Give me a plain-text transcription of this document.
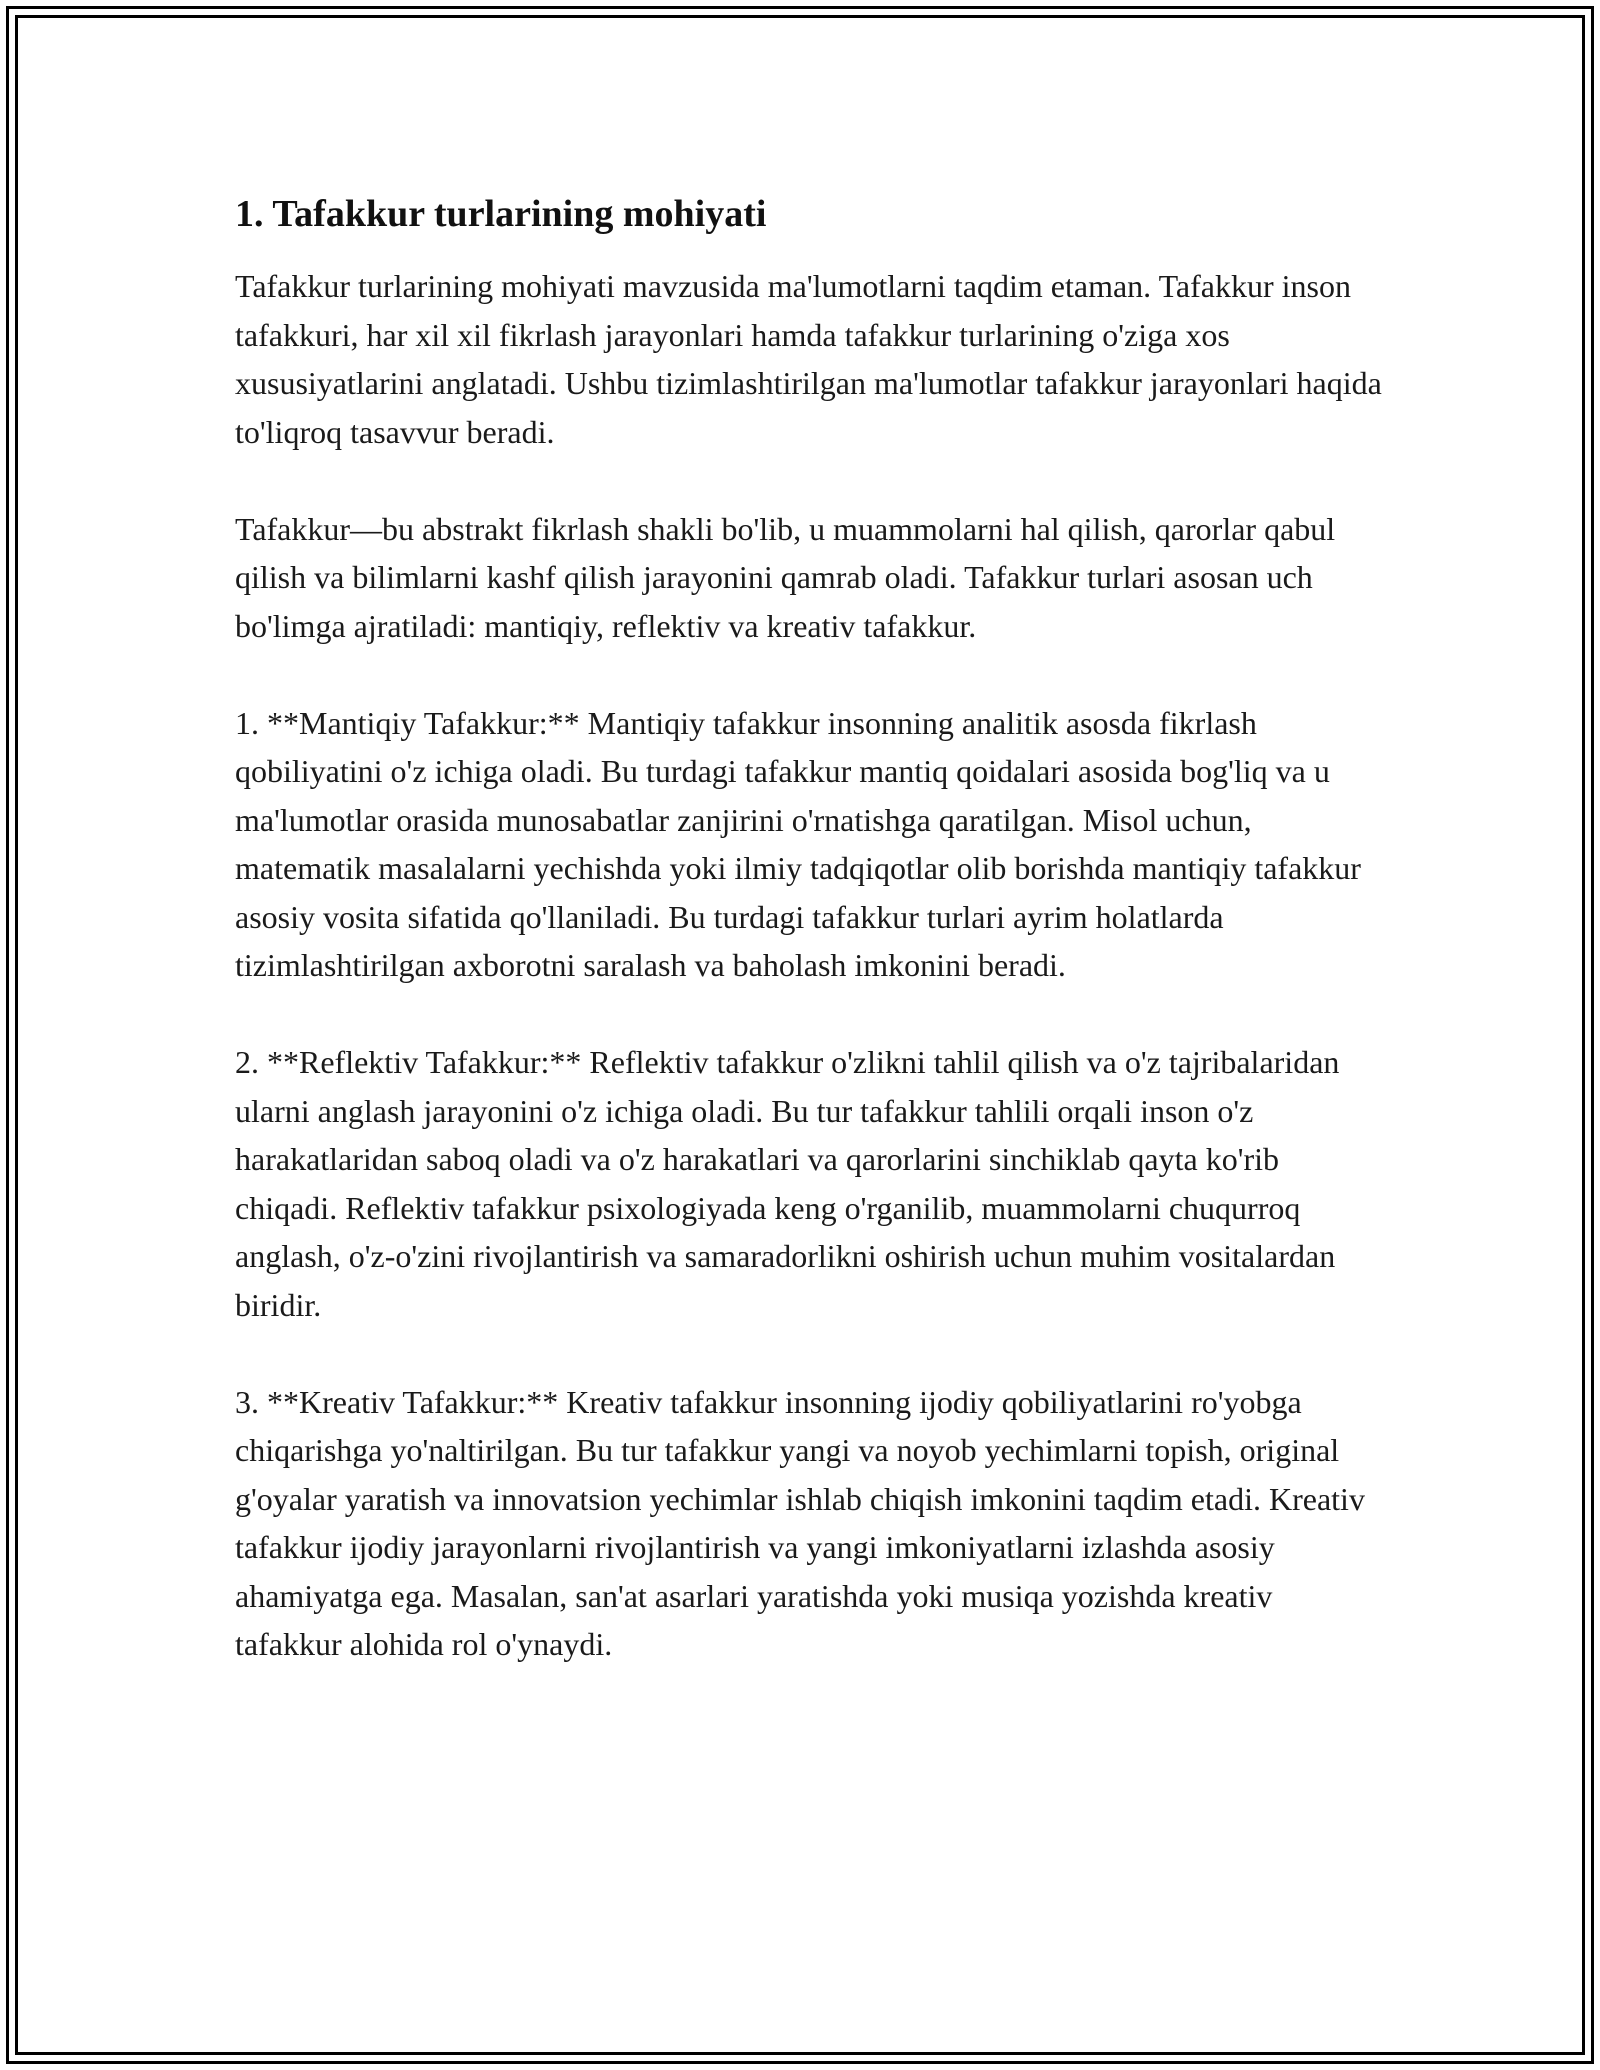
1. Tafakkur turlarining mohiyati

Tafakkur turlarining mohiyati mavzusida ma'lumotlarni taqdim etaman. Tafakkur inson tafakkuri, har xil xil fikrlash jarayonlari hamda tafakkur turlarining o'ziga xos xususiyatlarini anglatadi. Ushbu tizimlashtirilgan ma'lumotlar tafakkur jarayonlari haqida to'liqroq tasavvur beradi.

Tafakkur—bu abstrakt fikrlash shakli bo'lib, u muammolarni hal qilish, qarorlar qabul qilish va bilimlarni kashf qilish jarayonini qamrab oladi. Tafakkur turlari asosan uch bo'limga ajratiladi: mantiqiy, reflektiv va kreativ tafakkur.

1. **Mantiqiy Tafakkur:** Mantiqiy tafakkur insonning analitik asosda fikrlash qobiliyatini o'z ichiga oladi. Bu turdagi tafakkur mantiq qoidalari asosida bog'liq va u ma'lumotlar orasida munosabatlar zanjirini o'rnatishga qaratilgan. Misol uchun, matematik masalalarni yechishda yoki ilmiy tadqiqotlar olib borishda mantiqiy tafakkur asosiy vosita sifatida qo'llaniladi. Bu turdagi tafakkur turlari ayrim holatlarda tizimlashtirilgan axborotni saralash va baholash imkonini beradi.

2. **Reflektiv Tafakkur:** Reflektiv tafakkur o'zlikni tahlil qilish va o'z tajribalaridan ularni anglash jarayonini o'z ichiga oladi. Bu tur tafakkur tahlili orqali inson o'z harakatlaridan saboq oladi va o'z harakatlari va qarorlarini sinchiklab qayta ko'rib chiqadi. Reflektiv tafakkur psixologiyada keng o'rganilib, muammolarni chuqurroq anglash, o'z-o'zini rivojlantirish va samaradorlikni oshirish uchun muhim vositalardan biridir.

3. **Kreativ Tafakkur:** Kreativ tafakkur insonning ijodiy qobiliyatlarini ro'yobga chiqarishga yo'naltirilgan. Bu tur tafakkur yangi va noyob yechimlarni topish, original g'oyalar yaratish va innovatsion yechimlar ishlab chiqish imkonini taqdim etadi. Kreativ tafakkur ijodiy jarayonlarni rivojlantirish va yangi imkoniyatlarni izlashda asosiy ahamiyatga ega. Masalan, san'at asarlari yaratishda yoki musiqa yozishda kreativ tafakkur alohida rol o'ynaydi.
